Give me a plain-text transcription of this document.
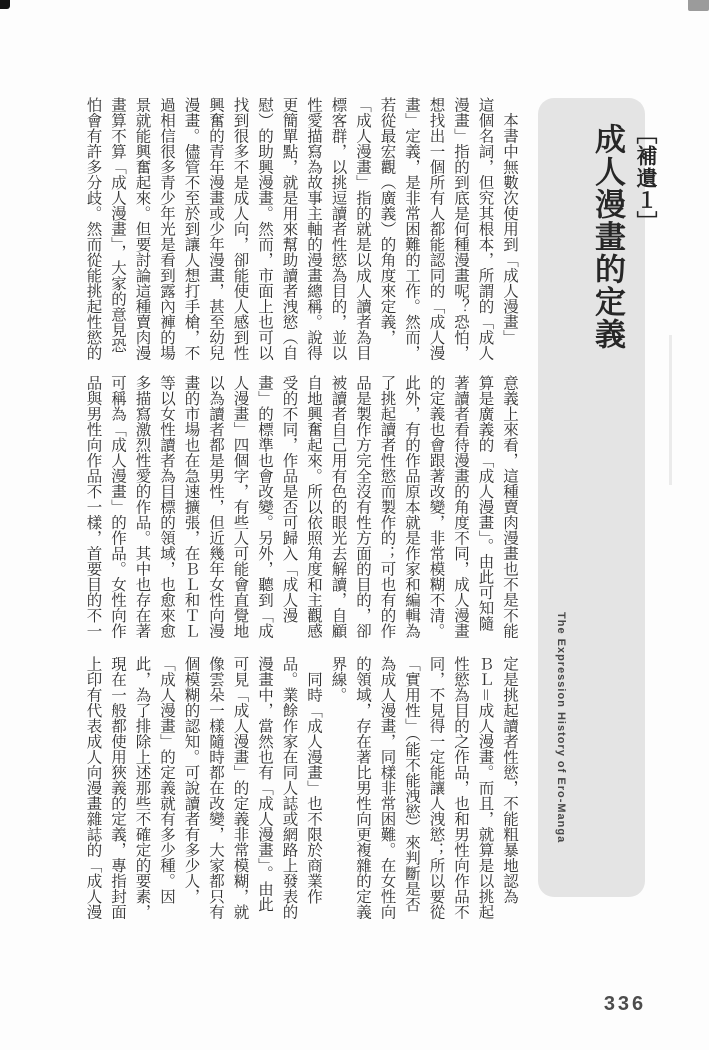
［補遺１］
成人漫畫的定義
The Expression History of Ero-Manga
　本書中無數次使用到「成人漫畫」
這個名詞，但究其根本，所謂的「成人
漫畫」指的到底是何種漫畫呢？恐怕，
想找出一個所有人都能認同的「成人漫
畫」定義，是非常困難的工作。然而，
若從最宏觀（廣義）的角度來定義，
「成人漫畫」指的就是以成人讀者為目
標客群，以挑逗讀者性慾為目的，並以
性愛描寫為故事主軸的漫畫總稱。說得
更簡單點，就是用來幫助讀者洩慾（自
慰）的助興漫畫。然而，市面上也可以
找到很多不是成人向，卻能使人感到性
興奮的青年漫畫或少年漫畫，甚至幼兒
漫畫。儘管不至於到讓人想打手槍，不
過相信很多青少年光是看到露內褲的場
景就能興奮起來。但要討論這種賣肉漫
畫算不算「成人漫畫」，大家的意見恐
怕會有許多分歧。然而從能挑起性慾的
意義上來看，這種賣肉漫畫也不是不能
算是廣義的「成人漫畫」。由此可知隨
著讀者看待漫畫的角度不同，成人漫畫
的定義也會跟著改變，非常模糊不清。
此外，有的作品原本就是作家和編輯為
了挑起讀者性慾而製作的；可也有的作
品是製作方完全沒有性方面的目的，卻
被讀者自己用有色的眼光去解讀，自顧
自地興奮起來。所以依照角度和主觀感
受的不同，作品是否可歸入「成人漫
畫」的標準也會改變。另外，聽到「成
人漫畫」四個字，有些人可能會直覺地
以為讀者都是男性，但近幾年女性向漫
畫的市場也在急速擴張，在ＢＬ和ＴＬ
等以女性讀者為目標的領域，也愈來愈
多描寫激烈性愛的作品。其中也存在著
可稱為「成人漫畫」的作品。女性向作
品與男性向作品不一樣，首要目的不一
定是挑起讀者性慾，不能粗暴地認為
ＢＬ＝成人漫畫。而且，就算是以挑起
性慾為目的之作品，也和男性向作品不
同，不見得一定能讓人洩慾；所以要從
「實用性」（能不能洩慾）來判斷是否
為成人漫畫，同樣非常困難。在女性向
的領域，存在著比男性向更複雜的定義
界線。
　同時「成人漫畫」也不限於商業作
品。業餘作家在同人誌或網路上發表的
漫畫中，當然也有「成人漫畫」。由此
可見「成人漫畫」的定義非常模糊，就
像雲朵一樣隨時都在改變，大家都只有
個模糊的認知。可說讀者有多少人，
「成人漫畫」的定義就有多少種。因
此，為了排除上述那些不確定的要素，
現在一般都使用狹義的定義，專指封面
上印有代表成人向漫畫雜誌的「成人漫
336
